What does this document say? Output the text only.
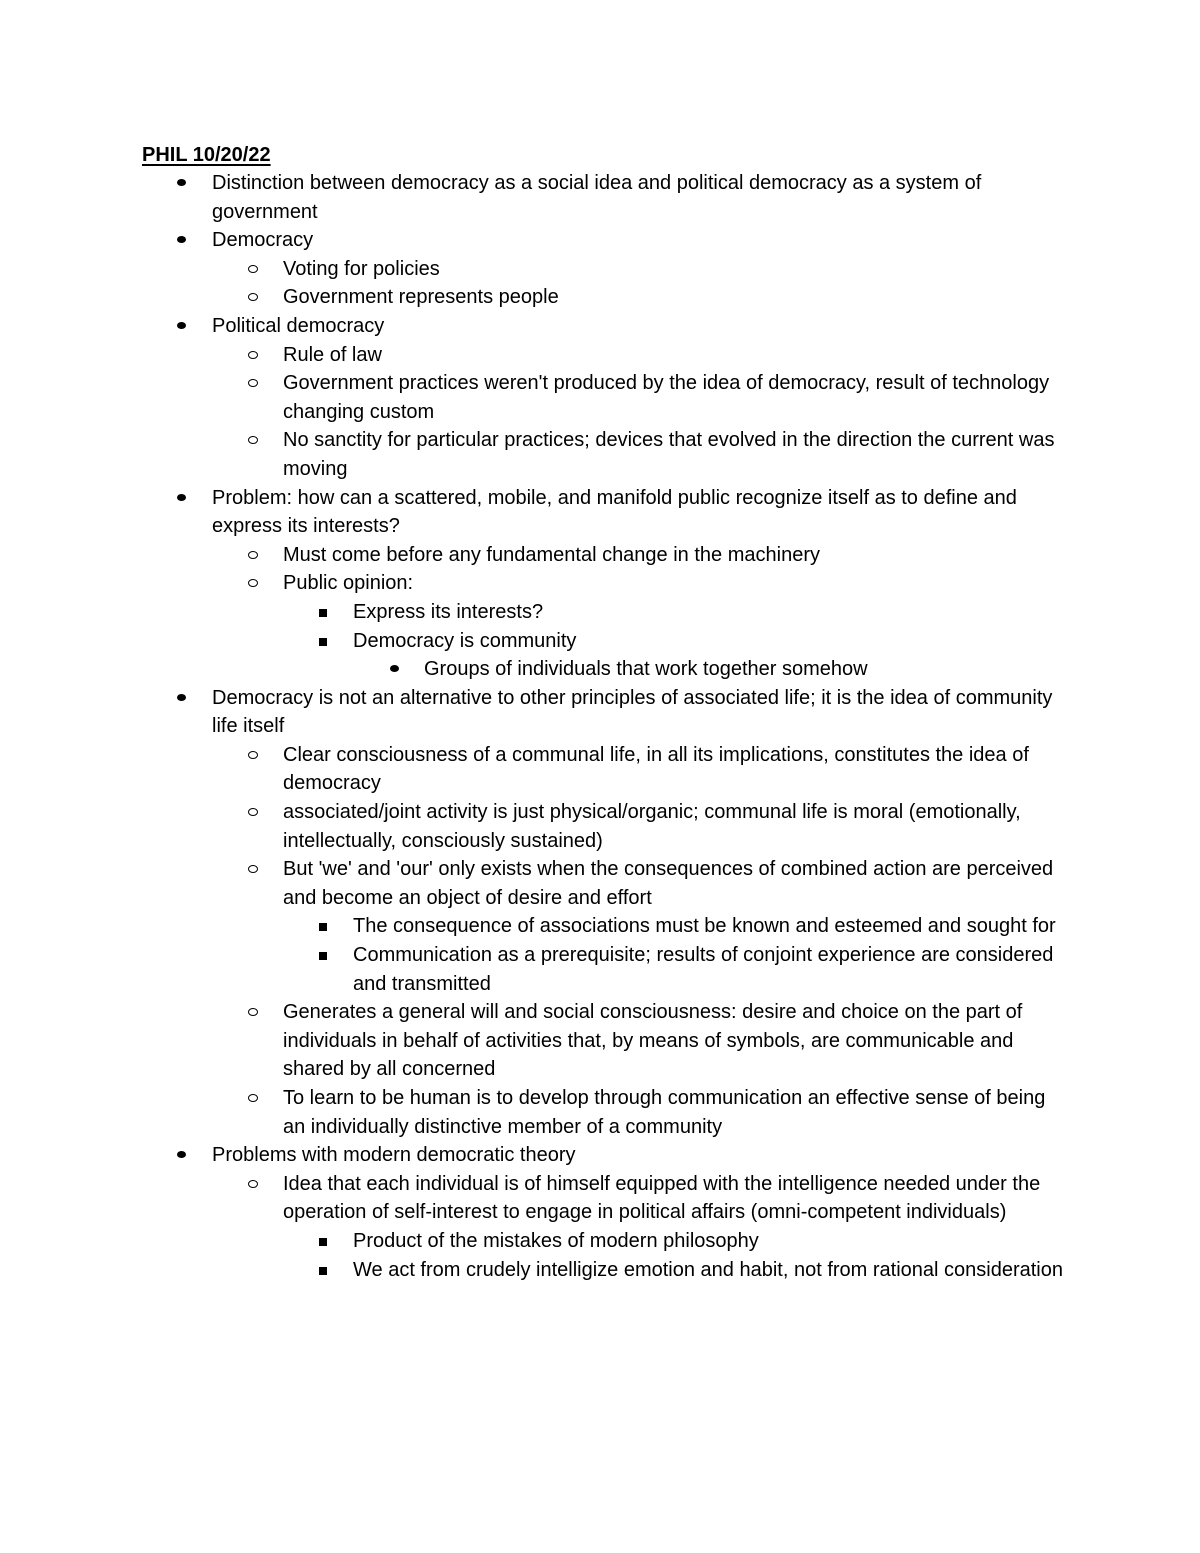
PHIL 10/20/22
Distinction between democracy as a social idea and political democracy as a system of government
Democracy
Voting for policies
Government represents people
Political democracy
Rule of law
Government practices weren't produced by the idea of democracy, result of technology changing custom
No sanctity for particular practices; devices that evolved in the direction the current was moving
Problem: how can a scattered, mobile, and manifold public recognize itself as to define and express its interests?
Must come before any fundamental change in the machinery
Public opinion:
Express its interests?
Democracy is community
Groups of individuals that work together somehow
Democracy is not an alternative to other principles of associated life; it is the idea of community life itself
Clear consciousness of a communal life, in all its implications, constitutes the idea of democracy
associated/joint activity is just physical/organic; communal life is moral (emotionally, intellectually, consciously sustained)
But 'we' and 'our' only exists when the consequences of combined action are perceived and become an object of desire and effort
The consequence of associations must be known and esteemed and sought for
Communication as a prerequisite; results of conjoint experience are considered and transmitted
Generates a general will and social consciousness: desire and choice on the part of individuals in behalf of activities that, by means of symbols, are communicable and shared by all concerned
To learn to be human is to develop through communication an effective sense of being an individually distinctive member of a community
Problems with modern democratic theory
Idea that each individual is of himself equipped with the intelligence needed under the operation of self-interest to engage in political affairs (omni-competent individuals)
Product of the mistakes of modern philosophy
We act from crudely intelligize emotion and habit, not from rational consideration
